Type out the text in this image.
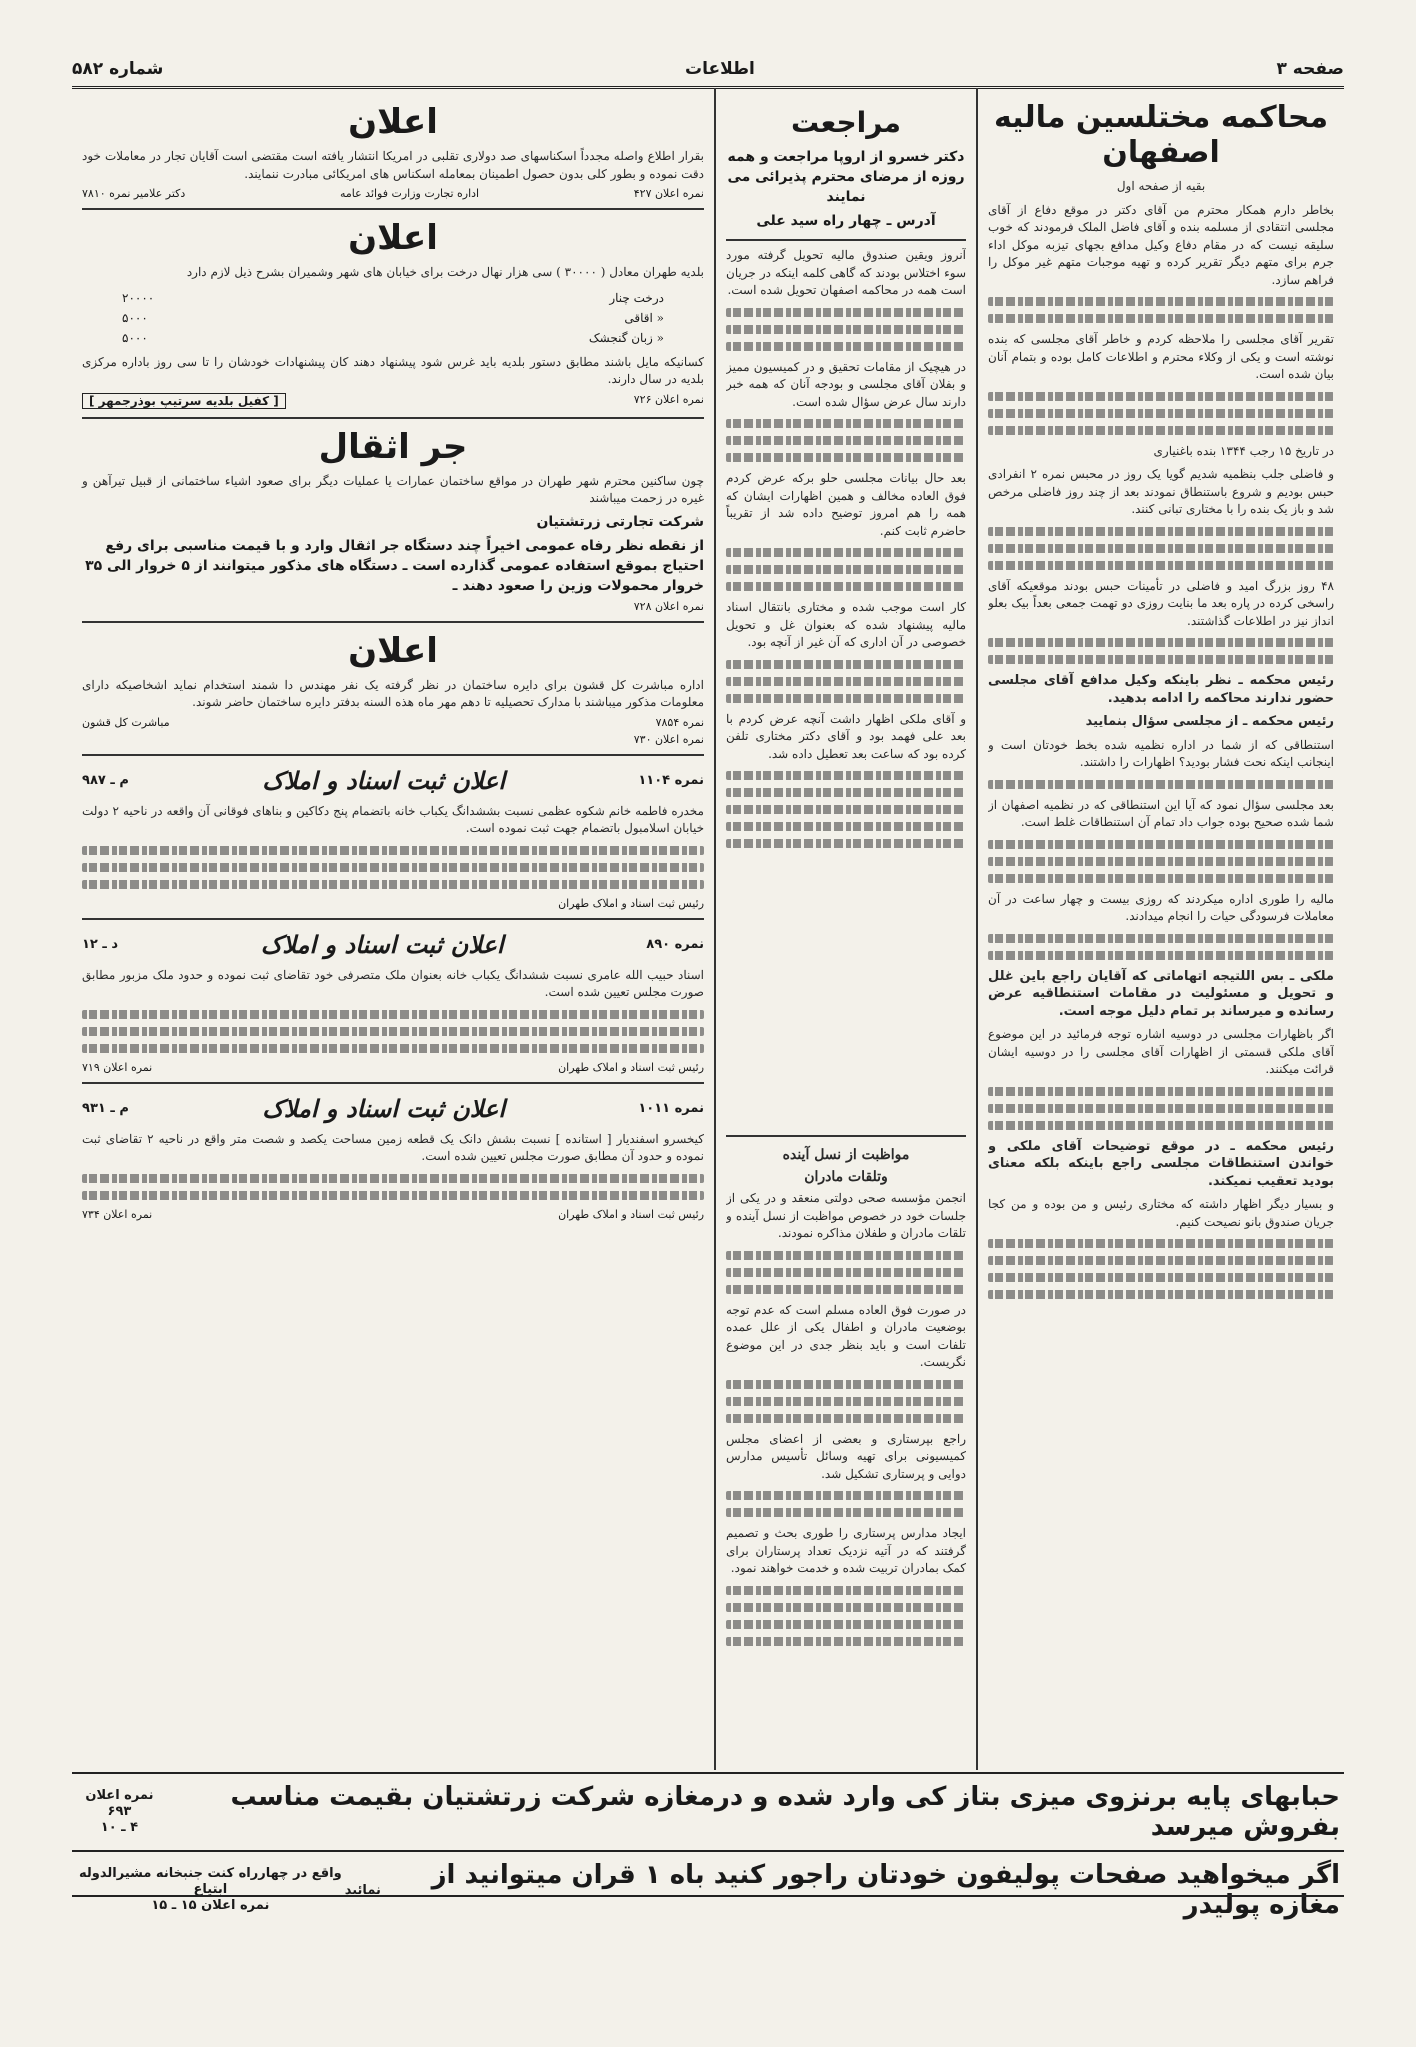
صفحه ۳
اطلاعات
شماره ۵۸۲
محاکمه مختلسین مالیه اصفهان

بقیه از صفحه اول

بخاطر دارم همکار محترم من آقای دکتر در موقع دفاع از آقای مجلسی انتقادی از مسلمه بنده و آقای فاضل الملک فرمودند که خوب سلیقه نیست که در مقام دفاع وکیل مدافع بجهای تیزبه موکل اداء جرم برای متهم دیگر تقریر کرده و تهیه موجبات متهم غیر موکل را فراهم سازد.

تقریر آقای مجلسی را ملاحظه کردم و خاطر آقای مجلسی که بنده نوشته است و یکی از وکلاء محترم و اطلاعات کامل بوده و بتمام آنان بیان شده است.

در تاریخ ۱۵ رجب ۱۳۴۴ بنده باغنیاری

و فاضلی جلب بنظمیه شدیم گویا یک روز در محبس نمره ۲ انفرادی حبس بودیم و شروع باستنطاق نمودند بعد از چند روز فاضلی مرخص شد و باز یک بنده را با مختاری تبانی کنند.

۴۸ روز بزرگ امید و فاضلی در تأمینات حبس بودند موقعیکه آقای راسخی کرده در پاره بعد ما بنایت روزی دو تهمت جمعی بعداً بیک بعلو انداز نیز در اطلاعات گذاشتند.

رئیس محکمه ـ نظر باینکه وکیل مدافع آقای مجلسی حضور ندارند محاکمه را ادامه بدهید.

رئیس محکمه ـ از مجلسی سؤال بنمایید

استنطاقی که از شما در اداره نظمیه شده بخط خودتان است و اینجانب اینکه نحت فشار بودید؟ اظهارات را داشتند.

بعد مجلسی سؤال نمود که آیا این استنطاقی که در نظمیه اصفهان از شما شده صحیح بوده جواب داد تمام آن استنطاقات غلط است.

مالیه را طوری اداره میکردند که روزی بیست و چهار ساعت در آن معاملات فرسودگی حیات را انجام میدادند.

ملکی ـ بس اللتیجه اتهاماتی که آقایان راجع باین غلل و تحویل و مسئولیت در مقامات استنطاقیه عرض رسانده و میرساند بر تمام دلیل موجه است.

اگر باظهارات مجلسی در دوسیه اشاره توجه فرمائید در این موضوع آقای ملکی قسمتی از اظهارات آقای مجلسی را در دوسیه ایشان قرائت میکنند.

رئیس محکمه ـ در موقع توضیحات آقای ملکی و خواندن استنطاقات مجلسی راجع باینکه بلکه معنای بودید تعقیب نمیکند.

و بسیار دیگر اظهار داشته که مختاری رئیس و من بوده و من کجا جریان صندوق بانو نصیحت کنیم.

مراجعت
دکتر خسرو از اروپا مراجعت و همه روزه از مرضای محترم پذیرائی می نمایند
آدرس ـ چهار راه سید علی

آنروز ویقین صندوق مالیه تحویل گرفته مورد سوء اختلاس بودند که گاهی کلمه اینکه در جریان است همه در محاکمه اصفهان تحویل شده است.

در هیچیک از مقامات تحقیق و در کمیسیون ممیز و بفلان آقای مجلسی و بودجه آنان که همه خبر دارند سال عرض سؤال شده است.

بعد حال بیانات مجلسی حلو برکه عرض کردم فوق العاده مخالف و همین اظهارات ایشان که همه را هم امروز توضیح داده شد از تقریباً حاضرم ثابت کنم.

کار است موجب شده و مختاری بانتقال اسناد مالیه پیشنهاد شده که بعنوان غل و تحویل خصوصی در آن اداری که آن غیر از آنچه بود.

و آقای ملکی اظهار داشت آنچه عرض کردم با بعد علی فهمد بود و آقای دکتر مختاری تلفن کرده بود که ساعت بعد تعطیل داده شد.

مواظبت از نسل آینده
وتلقات مادران

انجمن مؤسسه صحی دولتی منعقد و در یکی از جلسات خود در خصوص مواظبت از نسل آینده و تلقات مادران و طفلان مذاکره نمودند.

در صورت فوق العاده مسلم است که عدم توجه بوضعیت مادران و اطفال یکی از علل عمده تلفات است و باید بنظر جدی در این موضوع نگریست.

راجع بپرستاری و بعضی از اعضای مجلس کمیسیونی برای تهیه وسائل تأسیس مدارس دوایی و پرستاری تشکیل شد.

ایجاد مدارس پرستاری را طوری بحث و تصمیم گرفتند که در آتیه نزدیک تعداد پرستاران برای کمک بمادران تربیت شده و خدمت خواهند نمود.

اعلان
بقرار اطلاع واصله مجدداً اسکناسهای صد دولاری تقلبی در امریکا انتشار یافته است مقتضی است آقایان تجار در معاملات خود دقت نموده و بطور کلی بدون حصول اطمینان بمعامله اسکناس های امریکائی مبادرت ننمایند.
نمره اعلان ۴۲۷
اداره تجارت وزارت فوائد عامه
دکتر علامیر نمره ۷۸۱۰
اعلان
بلدیه طهران معادل ( ۳۰۰۰۰ ) سی هزار نهال درخت برای خیابان های شهر وشمیران بشرح ذیل لازم دارد
درخت چنار
۲۰۰۰۰
« اقاقی
۵۰۰۰
« زبان گنجشک
۵۰۰۰
کسانیکه مایل باشند مطابق دستور بلدیه باید غرس شود پیشنهاد دهند کان پیشنهادات خودشان را تا سی روز باداره مرکزی بلدیه در سال دارند.
نمره اعلان ۷۲۶
[ کفیل بلدیه سرتیپ بوذرجمهر ]
جر اثقال
چون ساکنین محترم شهر طهران در مواقع ساختمان عمارات یا عملیات دیگر برای صعود اشیاء ساختمانی از قبیل تیرآهن و غیره در زحمت میباشند
شرکت تجارتی زرتشتیان
از نقطه نظر رفاه عمومی اخیراً چند دستگاه جر اثقال وارد و با قیمت مناسبی برای رفع احتیاج بموقع استفاده عمومی گذارده است ـ دستگاه های مذکور میتوانند از ۵ خروار الی ۳۵ خروار محمولات وزین را صعود دهند ـ
نمره اعلان ۷۲۸
اعلان
اداره مباشرت کل قشون برای دایره ساختمان در نظر گرفته یک نفر مهندس دا شمند استخدام نماید اشخاصیکه دارای معلومات مذکور میباشند با مدارک تحصیلیه تا دهم مهر ماه هذه السنه بدفتر دایره ساختمان حاضر شوند.
نمره ۷۸۵۴
مباشرت کل قشون
نمره اعلان ۷۳۰
نمره ۱۱۰۴
اعلان ثبت اسناد و املاک
م ـ ۹۸۷
مخدره فاطمه خانم شکوه عظمی نسبت بششدانگ یکباب خانه باتضمام پنج دکاکین و بناهای فوقانی آن واقعه در ناحیه ۲ دولت خیابان اسلامبول باتضمام جهت ثبت نموده است.
رئیس ثبت اسناد و املاک طهران
نمره ۸۹۰
اعلان ثبت اسناد و املاک
د ـ ۱۲
اسناد حبیب الله عامری نسبت ششدانگ یکباب خانه بعنوان ملک متصرفی خود تقاضای ثبت نموده و حدود ملک مزبور مطابق صورت مجلس تعیین شده است.
رئیس ثبت اسناد و املاک طهران
نمره اعلان ۷۱۹
نمره ۱۰۱۱
اعلان ثبت اسناد و املاک
م ـ ۹۳۱
کیخسرو اسفندیار [ استانده ] نسبت بشش دانک یک قطعه زمین مساحت یکصد و شصت متر واقع در ناحیه ۲ تقاضای ثبت نموده و حدود آن مطابق صورت مجلس تعیین شده است.
رئیس ثبت اسناد و املاک طهران
نمره اعلان ۷۳۴
حبابهای پایه برنزوی میزی بتاز کی وارد شده و درمغازه شرکت زرتشتیان بقیمت مناسب بفروش میرسد
نمره اعلان ۶۹۳
۴ ـ ۱۰
اگر میخواهید صفحات پولیفون خودتان راجور کنید باه ۱ قران میتوانید از مغازه پولیدر
نمائید
واقع در چهارراه کنت جنبخانه مشیرالدوله ابتیاع
نمره اعلان ۱۵ ـ ۱۵
